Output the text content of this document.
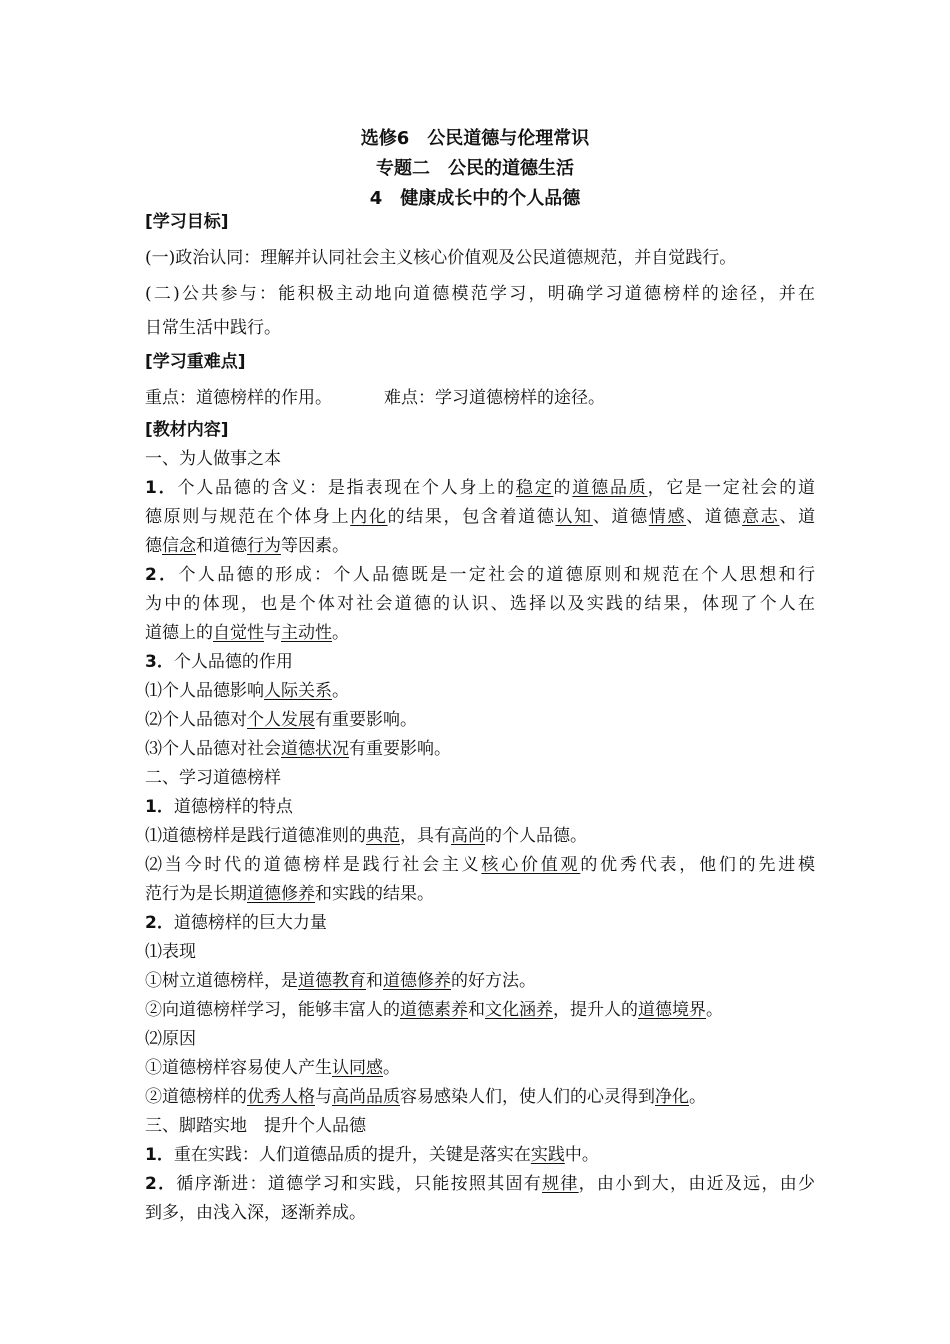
选修6　公民道德与伦理常识
专题二　公民的道德生活
4　健康成长中的个人品德
[学习目标]
(一)政治认同：理解并认同社会主义核心价值观及公民道德规范，并自觉践行。
(二)公共参与：能积极主动地向道德模范学习，明确学习道德榜样的途径，并在
日常生活中践行。
[学习重难点]
重点：道德榜样的作用。	难点：学习道德榜样的途径。
[教材内容]
一、为人做事之本
1．个人品德的含义：是指表现在个人身上的稳定的道德品质，它是一定社会的道
德原则与规范在个体身上内化的结果，包含着道德认知、道德情感、道德意志、道
德信念和道德行为等因素。
2．个人品德的形成：个人品德既是一定社会的道德原则和规范在个人思想和行
为中的体现，也是个体对社会道德的认识、选择以及实践的结果，体现了个人在
道德上的自觉性与主动性。
3．个人品德的作用
⑴个人品德影响人际关系。
⑵个人品德对个人发展有重要影响。
⑶个人品德对社会道德状况有重要影响。
二、学习道德榜样
1．道德榜样的特点
⑴道德榜样是践行道德准则的典范，具有高尚的个人品德。
⑵当今时代的道德榜样是践行社会主义核心价值观的优秀代表，他们的先进模
范行为是长期道德修养和实践的结果。
2．道德榜样的巨大力量
⑴表现
①树立道德榜样，是道德教育和道德修养的好方法。
②向道德榜样学习，能够丰富人的道德素养和文化涵养，提升人的道德境界。
⑵原因
①道德榜样容易使人产生认同感。
②道德榜样的优秀人格与高尚品质容易感染人们，使人们的心灵得到净化。
三、脚踏实地　提升个人品德
1．重在实践：人们道德品质的提升，关键是落实在实践中。
2．循序渐进：道德学习和实践，只能按照其固有规律，由小到大，由近及远，由少
到多，由浅入深，逐渐养成。
